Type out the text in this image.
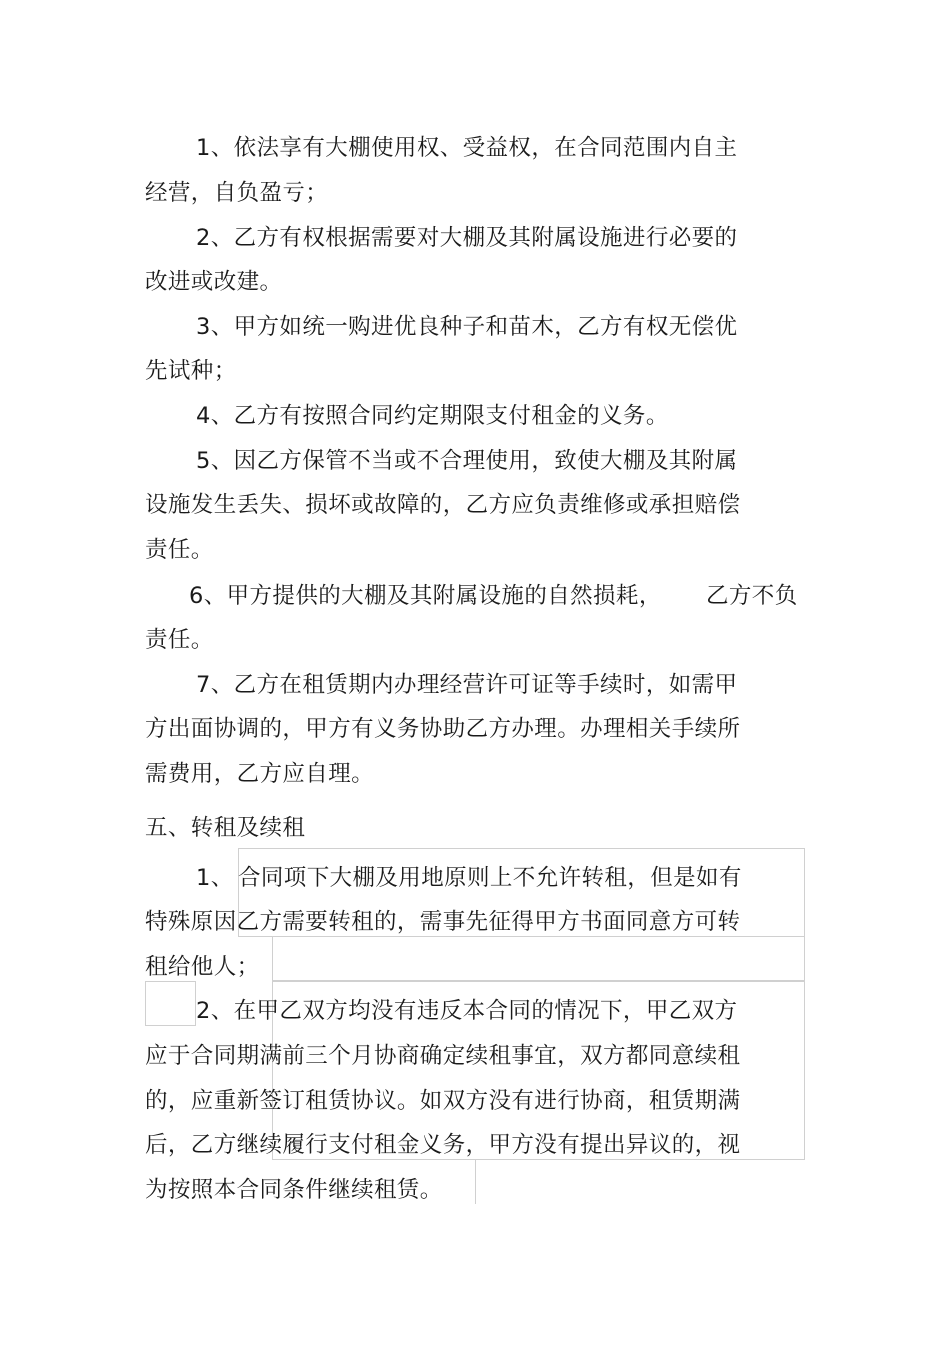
1、依法享有大棚使用权、受益权，在合同范围内自主
经营，自负盈亏；
2、乙方有权根据需要对大棚及其附属设施进行必要的
改进或改建。
3、甲方如统一购进优良种子和苗木，乙方有权无偿优
先试种；
4、乙方有按照合同约定期限支付租金的义务。
5、因乙方保管不当或不合理使用，致使大棚及其附属
设施发生丢失、损坏或故障的，乙方应负责维修或承担赔偿
责任。
6、甲方提供的大棚及其附属设施的自然损耗， 乙方不负
责任。
7、乙方在租赁期内办理经营许可证等手续时，如需甲
方出面协调的，甲方有义务协助乙方办理。办理相关手续所
需费用，乙方应自理。
五、转租及续租
1、 合同项下大棚及用地原则上不允许转租，但是如有
特殊原因乙方需要转租的，需事先征得甲方书面同意方可转
租给他人；
2、在甲乙双方均没有违反本合同的情况下，甲乙双方
应于合同期满前三个月协商确定续租事宜，双方都同意续租
的，应重新签订租赁协议。如双方没有进行协商，租赁期满
后，乙方继续履行支付租金义务，甲方没有提出异议的，视
为按照本合同条件继续租赁。
